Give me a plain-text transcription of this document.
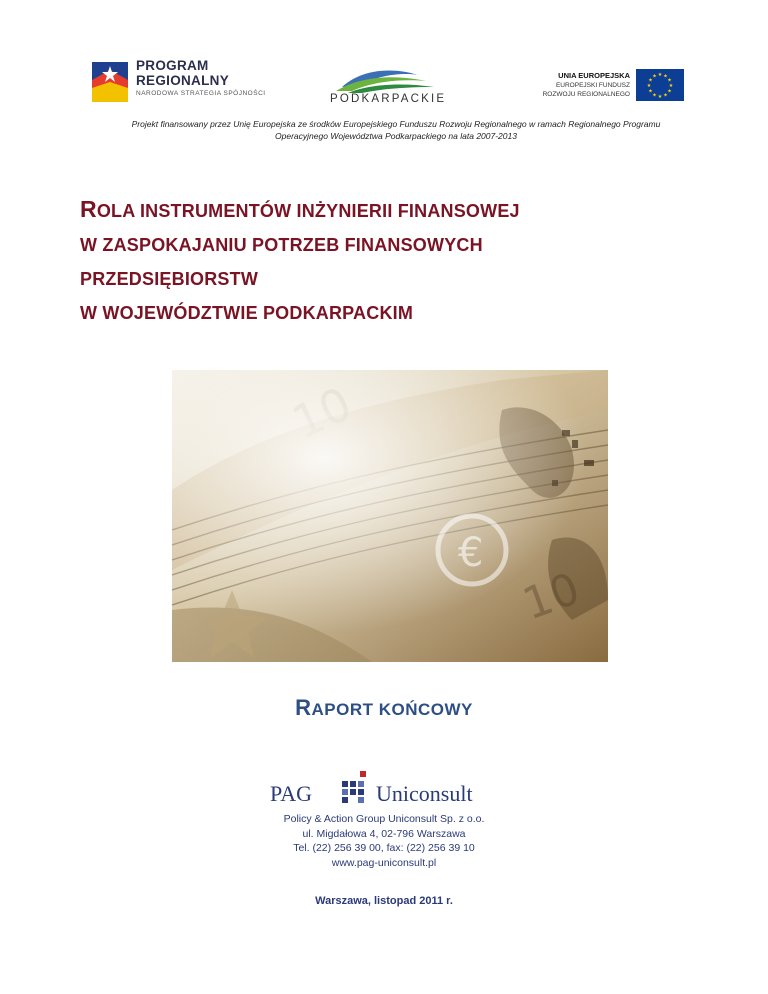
PROGRAM
REGIONALNY
NARODOWA STRATEGIA SPÓJNOŚCI	PODKARPACKIE
UNIA EUROPEJSKA
EUROPEJSKI FUNDUSZ
ROZWOJU REGIONALNEGO
★ ★
★
★
★
★
★
★
★
★
★
★
Projekt finansowany przez Unię Europejska ze środków Europejskiego Funduszu Rozwoju Regionalnego w ramach Regionalnego Programu
Operacyjnego Województwa Podkarpackiego na lata 2007-2013
ROLA INSTRUMENTÓW INŻYNIERII FINANSOWEJ
W ZASPOKAJANIU POTRZEB FINANSOWYCH
PRZEDSIĘBIORSTW
W WOJEWÓDZTWIE PODKARPACKIM
RAPORT KOŃCOWY
PAG	Uniconsult
Policy & Action Group Uniconsult Sp. z o.o.
ul. Migdałowa 4, 02-796 Warszawa
Tel. (22) 256 39 00, fax: (22) 256 39 10
www.pag-uniconsult.pl
Warszawa, listopad 2011 r.
